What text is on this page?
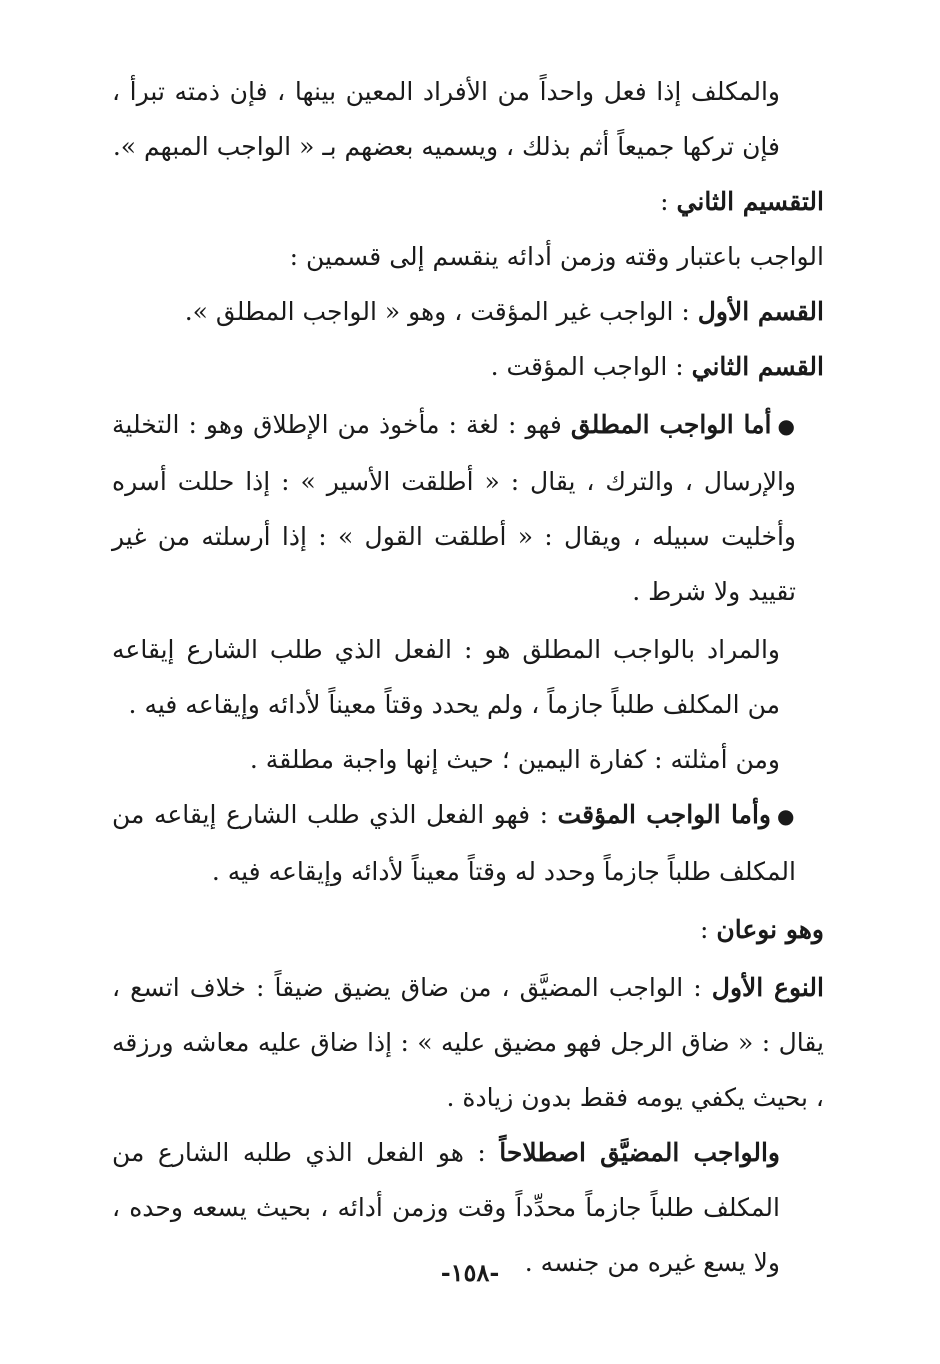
والمكلف إذا فعل واحداً من الأفراد المعين بينها ، فإن ذمته تبرأ ، فإن تركها جميعاً أثم بذلك ، ويسميه بعضهم بـ « الواجب المبهم ».

التقسيم الثاني :

الواجب باعتبار وقته وزمن أدائه ينقسم إلى قسمين :

القسم الأول : الواجب غير المؤقت ، وهو « الواجب المطلق ».

القسم الثاني : الواجب المؤقت .

●أما الواجب المطلق فهو : لغة : مأخوذ من الإطلاق وهو : التخلية والإرسال ، والترك ، يقال : « أطلقت الأسير » : إذا حللت أسره وأخليت سبيله ، ويقال : « أطلقت القول » : إذا أرسلته من غير تقييد ولا شرط .

والمراد بالواجب المطلق هو : الفعل الذي طلب الشارع إيقاعه من المكلف طلباً جازماً ، ولم يحدد وقتاً معيناً لأدائه وإيقاعه فيه .

ومن أمثلته : كفارة اليمين ؛ حيث إنها واجبة مطلقة .

●وأما الواجب المؤقت : فهو الفعل الذي طلب الشارع إيقاعه من المكلف طلباً جازماً وحدد له وقتاً معيناً لأدائه وإيقاعه فيه .

وهو نوعان :

النوع الأول : الواجب المضيَّق ، من ضاق يضيق ضيقاً : خلاف اتسع ، يقال : « ضاق الرجل فهو مضيق عليه » : إذا ضاق عليه معاشه ورزقه ، بحيث يكفي يومه فقط بدون زيادة .

والواجب المضيَّق اصطلاحاً : هو الفعل الذي طلبه الشارع من المكلف طلباً جازماً محدِّداً وقت وزمن أدائه ، بحيث يسعه وحده ، ولا يسع غيره من جنسه .

-١٥٨-
